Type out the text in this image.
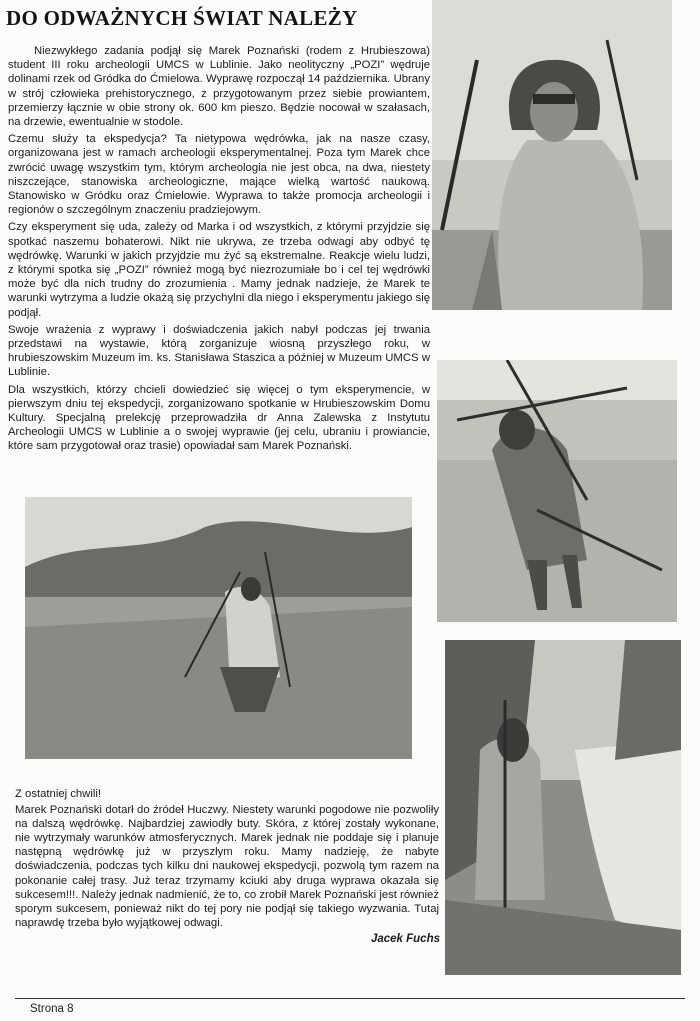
DO ODWAŻNYCH ŚWIAT NALEŻY

Niezwykłego zadania podjął się Marek Poznański (rodem z Hrubieszowa) student III roku archeologii UMCS w Lublinie. Jako neolityczny „POZI” wędruje dolinami rzek od Gródka do Ćmielowa. Wyprawę rozpoczął 14 października. Ubrany w strój człowieka prehistorycznego, z przygotowanym przez siebie prowiantem, przemierzy łącznie w obie strony ok. 600 km pieszo. Będzie nocował w szałasach, na drzewie, ewentualnie w stodole.

Czemu służy ta ekspedycja? Ta nietypowa wędrówka, jak na nasze czasy, organizowana jest w ramach archeologii eksperymentalnej. Poza tym Marek chce zwrócić uwagę wszystkim tym, którym archeologia nie jest obca, na dwa, niestety niszczejące, stanowiska archeologiczne, mające wielką wartość naukową. Stanowisko w Gródku oraz Ćmielowie. Wyprawa to także promocja archeologii i regionów o szczególnym znaczeniu pradziejowym.

Czy eksperyment się uda, zależy od Marka i od wszystkich, z którymi przyjdzie się spotkać naszemu bohaterowi. Nikt nie ukrywa, ze trzeba odwagi aby odbyć tę wędrówkę. Warunki w jakich przyjdzie mu żyć są ekstremalne. Reakcje wielu ludzi, z którymi spotka się „POZI” również mogą być niezrozumiałe bo i cel tej wędrówki może być dla nich trudny do zrozumienia . Mamy jednak nadzieje, że Marek te warunki wytrzyma a ludzie okażą się przychylni dla niego i eksperymentu jakiego się podjął.

Swoje wrażenia z wyprawy i doświadczenia jakich nabył podczas jej trwania przedstawi na wystawie, którą zorganizuje wiosną przyszłego roku, w hrubieszowskim Muzeum im. ks. Stanisława Staszica a później w Muzeum UMCS w Lublinie.

Dla wszystkich, którzy chcieli dowiedzieć się więcej o tym eksperymencie, w pierwszym dniu tej ekspedycji, zorganizowano spotkanie w Hrubieszowskim Domu Kultury. Specjalną prelekcję przeprowadziła dr Anna Zalewska z Instytutu Archeologii UMCS w Lublinie a o swojej wyprawie (jej celu, ubraniu i prowiancie, które sam przygotował oraz trasie) opowiadał sam Marek Poznański.

Z ostatniej chwili!

Marek Poznański dotarł do źródeł Huczwy. Niestety warunki pogodowe nie pozwoliły na dalszą wędrówkę. Najbardziej zawiodły buty. Skóra, z której zostały wykonane, nie wytrzymały warunków atmosferycznych. Marek jednak nie poddaje się i planuje następną wędrówkę już w przyszłym roku. Mamy nadzieję, że nabyte doświadczenia, podczas tych kilku dni naukowej ekspedycji, pozwolą tym razem na pokonanie całej trasy. Już teraz trzymamy kciuki aby druga wyprawa okazała się sukcesem!!!. Należy jednak nadmienić, że to, co zrobił Marek Poznański jest również sporym sukcesem, ponieważ nikt do tej pory nie podjął się takiego wyzwania. Tutaj naprawdę trzeba było wyjątkowej odwagi.

Jacek Fuchs
Strona 8
